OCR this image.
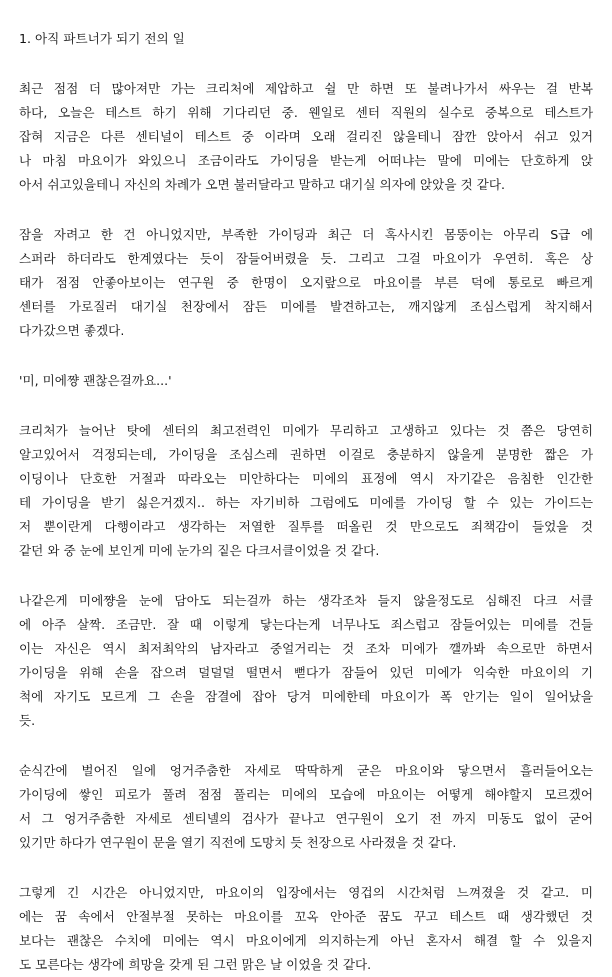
1. 아직 파트너가 되기 전의 일
최근 점점 더 많아져만 가는 크리처에 제압하고 쉴 만 하면 또 불려나가서 싸우는 걸 반복
하다, 오늘은 테스트 하기 위해 기다리던 중. 웬일로 센터 직원의 실수로 중복으로 테스트가
잡혀 지금은 다른 센티널이 테스트 중 이라며 오래 걸리진 않을테니 잠깐 앉아서 쉬고 있거
나 마침 마요이가 와있으니 조금이라도 가이딩을 받는게 어떠냐는 말에 미에는 단호하게 앉
아서 쉬고있을테니 자신의 차례가 오면 불러달라고 말하고 대기실 의자에 앉았을 것 같다.
잠을 자려고 한 건 아니었지만, 부족한 가이딩과 최근 더 혹사시킨 몸뚱이는 아무리 S급 에
스퍼라 하더라도 한계였다는 듯이 잠들어버렸을 듯. 그리고 그걸 마요이가 우연히. 혹은 상
태가 점점 안좋아보이는 연구원 중 한명이 오지랖으로 마요이를 부른 덕에 통로로 빠르게
센터를 가로질러 대기실 천장에서 잠든 미에를 발견하고는, 깨지않게 조심스럽게 착지해서
다가갔으면 좋겠다.
'미, 미에쨩 괜찮은걸까요...'
크리처가 늘어난 탓에 센터의 최고전력인 미에가 무리하고 고생하고 있다는 것 쯤은 당연히
알고있어서 걱정되는데, 가이딩을 조심스레 권하면 이걸로 충분하지 않을게 분명한 짧은 가
이딩이나 단호한 거절과 따라오는 미안하다는 미에의 표정에 역시 자기같은 음침한 인간한
테 가이딩을 받기 싫은거겠지.. 하는 자기비하 그럼에도 미에를 가이딩 할 수 있는 가이드는
저 뿐이란게 다행이라고 생각하는 저열한 질투를 떠올린 것 만으로도 죄책감이 들었을 것
같던 와 중 눈에 보인게 미에 눈가의 짙은 다크서클이었을 것 같다.
나같은게 미에쨩을 눈에 담아도 되는걸까 하는 생각조차 들지 않을정도로 심해진 다크 서클
에 아주 살짝. 조금만. 잘 때 이렇게 닿는다는게 너무나도 죄스럽고 잠들어있는 미에를 건들
이는 자신은 역시 최저최악의 남자라고 중얼거리는 것 조차 미에가 깰까봐 속으로만 하면서
가이딩을 위해 손을 잡으려 덜덜덜 떨면서 뻗다가 잠들어 있던 미에가 익숙한 마요이의 기
척에 자기도 모르게 그 손을 잠결에 잡아 당겨 미에한테 마요이가 폭 안기는 일이 일어났을
듯.
순식간에 벌어진 일에 엉거주춤한 자세로 딱딱하게 굳은 마요이와 닿으면서 흘러들어오는
가이딩에 쌓인 피로가 풀려 점점 풀리는 미에의 모습에 마요이는 어떻게 해야할지 모르겠어
서 그 엉거주춤한 자세로 센티넬의 검사가 끝나고 연구원이 오기 전 까지 미동도 없이 굳어
있기만 하다가 연구원이 문을 열기 직전에 도망치 듯 천장으로 사라졌을 것 같다.
그렇게 긴 시간은 아니었지만, 마요이의 입장에서는 영겁의 시간처럼 느껴졌을 것 같고. 미
에는 꿈 속에서 안절부절 못하는 마요이를 꼬옥 안아준 꿈도 꾸고 테스트 때 생각했던 것
보다는 괜찮은 수치에 미에는 역시 마요이에게 의지하는게 아닌 혼자서 해결 할 수 있을지
도 모른다는 생각에 희망을 갖게 된 그런 맑은 날 이었을 것 같다.
